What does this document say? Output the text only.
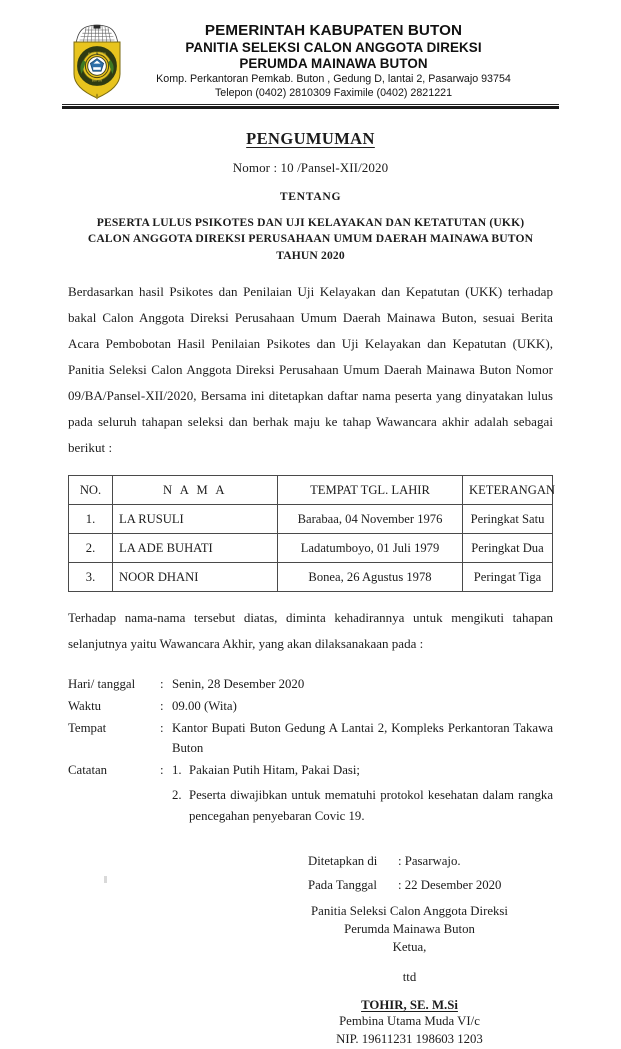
KABUPATEN
BUTON
PEMERINTAH KABUPATEN BUTON
PANITIA SELEKSI CALON ANGGOTA DIREKSI
PERUMDA MAINAWA BUTON
Komp. Perkantoran Pemkab. Buton , Gedung D, lantai 2, Pasarwajo 93754
Telepon (0402) 2810309 Faximile (0402) 2821221
PENGUMUMAN
Nomor : 10 /Pansel-XII/2020
TENTANG
PESERTA LULUS PSIKOTES DAN UJI KELAYAKAN DAN KETATUTAN (UKK)
CALON ANGGOTA DIREKSI PERUSAHAAN UMUM DAERAH MAINAWA BUTON
TAHUN 2020
Berdasarkan hasil Psikotes dan Penilaian Uji Kelayakan dan Kepatutan (UKK) terhadap bakal Calon Anggota Direksi Perusahaan Umum Daerah Mainawa Buton, sesuai Berita Acara Pembobotan Hasil Penilaian Psikotes dan Uji Kelayakan dan Kepatutan (UKK), Panitia Seleksi Calon Anggota Direksi Perusahaan Umum Daerah Mainawa Buton Nomor 09/BA/Pansel-XII/2020, Bersama ini ditetapkan daftar nama peserta yang dinyatakan lulus pada seluruh tahapan seleksi dan berhak maju ke tahap Wawancara akhir adalah sebagai berikut :
NO.	N A M A	TEMPAT TGL. LAHIR	KETERANGAN
1.	LA RUSULI	Barabaa, 04 November 1976	Peringkat Satu
2.	LA ADE BUHATI	Ladatumboyo, 01 Juli 1979	Peringkat Dua
3.	NOOR DHANI	Bonea, 26 Agustus 1978	Peringat Tiga
Terhadap nama-nama tersebut diatas, diminta kehadirannya untuk mengikuti tahapan selanjutnya yaitu Wawancara Akhir, yang akan dilaksanakaan pada :
Hari/ tanggal	: Senin, 28 Desember 2020
Waktu	: 09.00 (Wita)
Tempat	: Kantor Bupati Buton Gedung A Lantai 2, Kompleks Perkantoran Takawa Buton
Catatan	: 1. Pakaian Putih Hitam, Pakai Dasi;
2. Peserta diwajibkan untuk mematuhi protokol kesehatan dalam rangka pencegahan penyebaran Covic 19.
Ditetapkan di	: Pasarwajo.
Pada Tanggal	: 22 Desember 2020
Panitia Seleksi Calon Anggota Direksi
Perumda Mainawa Buton
Ketua,
ttd
TOHIR, SE. M.Si
Pembina Utama Muda VI/c
NIP. 19611231 198603 1203
